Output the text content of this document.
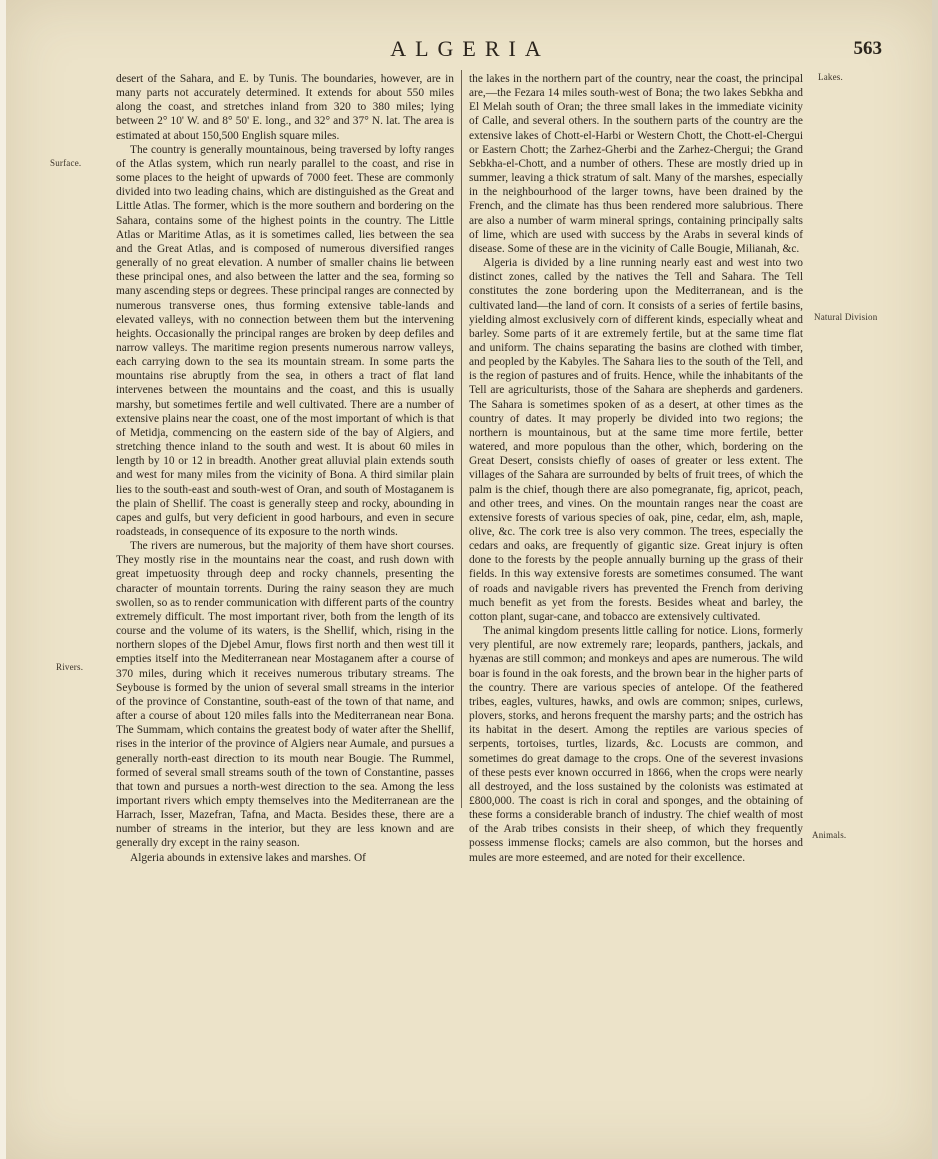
ALGERIA	563
Surface.
Rivers.
Lakes.
Natural Division
Animals.

desert of the Sahara, and E. by Tunis. The boundaries, however, are in many parts not accurately determined. It extends for about 550 miles along the coast, and stretches inland from 320 to 380 miles; lying between 2° 10' W. and 8° 50' E. long., and 32° and 37° N. lat. The area is estimated at about 150,500 English square miles.

The country is generally mountainous, being traversed by lofty ranges of the Atlas system, which run nearly parallel to the coast, and rise in some places to the height of upwards of 7000 feet. These are commonly divided into two leading chains, which are distinguished as the Great and Little Atlas. The former, which is the more southern and bordering on the Sahara, contains some of the highest points in the country. The Little Atlas or Maritime Atlas, as it is sometimes called, lies between the sea and the Great Atlas, and is composed of numerous diversified ranges generally of no great elevation. A number of smaller chains lie between these principal ones, and also between the latter and the sea, forming so many ascending steps or degrees. These principal ranges are connected by numerous transverse ones, thus forming extensive table-lands and elevated valleys, with no connection between them but the intervening heights. Occasionally the principal ranges are broken by deep defiles and narrow valleys. The maritime region presents numerous narrow valleys, each carrying down to the sea its mountain stream. In some parts the mountains rise abruptly from the sea, in others a tract of flat land intervenes between the mountains and the coast, and this is usually marshy, but sometimes fertile and well cultivated. There are a number of extensive plains near the coast, one of the most important of which is that of Metidja, commencing on the eastern side of the bay of Algiers, and stretching thence inland to the south and west. It is about 60 miles in length by 10 or 12 in breadth. Another great alluvial plain extends south and west for many miles from the vicinity of Bona. A third similar plain lies to the south-east and south-west of Oran, and south of Mostaganem is the plain of Shellif. The coast is generally steep and rocky, abounding in capes and gulfs, but very deficient in good harbours, and even in secure roadsteads, in consequence of its exposure to the north winds.

The rivers are numerous, but the majority of them have short courses. They mostly rise in the mountains near the coast, and rush down with great impetuosity through deep and rocky channels, presenting the character of mountain torrents. During the rainy season they are much swollen, so as to render communication with different parts of the country extremely difficult. The most important river, both from the length of its course and the volume of its waters, is the Shellif, which, rising in the northern slopes of the Djebel Amur, flows first north and then west till it empties itself into the Mediterranean near Mostaganem after a course of 370 miles, during which it receives numerous tributary streams. The Seybouse is formed by the union of several small streams in the interior of the province of Constantine, south-east of the town of that name, and after a course of about 120 miles falls into the Mediterranean near Bona. The Summam, which contains the greatest body of water after the Shellif, rises in the interior of the province of Algiers near Aumale, and pursues a generally north-east direction to its mouth near Bougie. The Rummel, formed of several small streams south of the town of Constantine, passes that town and pursues a north-west direction to the sea. Among the less important rivers which empty themselves into the Mediterranean are the Harrach, Isser, Mazefran, Tafna, and Macta. Besides these, there are a number of streams in the interior, but they are less known and are generally dry except in the rainy season.

Algeria abounds in extensive lakes and marshes. Of

the lakes in the northern part of the country, near the coast, the principal are,—the Fezara 14 miles south-west of Bona; the two lakes Sebkha and El Melah south of Oran; the three small lakes in the immediate vicinity of Calle, and several others. In the southern parts of the country are the extensive lakes of Chott-el-Harbi or Western Chott, the Chott-el-Chergui or Eastern Chott; the Zarhez-Gherbi and the Zarhez-Chergui; the Grand Sebkha-el-Chott, and a number of others. These are mostly dried up in summer, leaving a thick stratum of salt. Many of the marshes, especially in the neighbourhood of the larger towns, have been drained by the French, and the climate has thus been rendered more salubrious. There are also a number of warm mineral springs, containing principally salts of lime, which are used with success by the Arabs in several kinds of disease. Some of these are in the vicinity of Calle Bougie, Milianah, &c.

Algeria is divided by a line running nearly east and west into two distinct zones, called by the natives the Tell and Sahara. The Tell constitutes the zone bordering upon the Mediterranean, and is the cultivated land—the land of corn. It consists of a series of fertile basins, yielding almost exclusively corn of different kinds, especially wheat and barley. Some parts of it are extremely fertile, but at the same time flat and uniform. The chains separating the basins are clothed with timber, and peopled by the Kabyles. The Sahara lies to the south of the Tell, and is the region of pastures and of fruits. Hence, while the inhabitants of the Tell are agriculturists, those of the Sahara are shepherds and gardeners. The Sahara is sometimes spoken of as a desert, at other times as the country of dates. It may properly be divided into two regions; the northern is mountainous, but at the same time more fertile, better watered, and more populous than the other, which, bordering on the Great Desert, consists chiefly of oases of greater or less extent. The villages of the Sahara are surrounded by belts of fruit trees, of which the palm is the chief, though there are also pomegranate, fig, apricot, peach, and other trees, and vines. On the mountain ranges near the coast are extensive forests of various species of oak, pine, cedar, elm, ash, maple, olive, &c. The cork tree is also very common. The trees, especially the cedars and oaks, are frequently of gigantic size. Great injury is often done to the forests by the people annually burning up the grass of their fields. In this way extensive forests are sometimes consumed. The want of roads and navigable rivers has prevented the French from deriving much benefit as yet from the forests. Besides wheat and barley, the cotton plant, sugar-cane, and tobacco are extensively cultivated.

The animal kingdom presents little calling for notice. Lions, formerly very plentiful, are now extremely rare; leopards, panthers, jackals, and hyænas are still common; and monkeys and apes are numerous. The wild boar is found in the oak forests, and the brown bear in the higher parts of the country. There are various species of antelope. Of the feathered tribes, eagles, vultures, hawks, and owls are common; snipes, curlews, plovers, storks, and herons frequent the marshy parts; and the ostrich has its habitat in the desert. Among the reptiles are various species of serpents, tortoises, turtles, lizards, &c. Locusts are common, and sometimes do great damage to the crops. One of the severest invasions of these pests ever known occurred in 1866, when the crops were nearly all destroyed, and the loss sustained by the colonists was estimated at £800,000. The coast is rich in coral and sponges, and the obtaining of these forms a considerable branch of industry. The chief wealth of most of the Arab tribes consists in their sheep, of which they frequently possess immense flocks; camels are also common, but the horses and mules are more esteemed, and are noted for their excellence.
